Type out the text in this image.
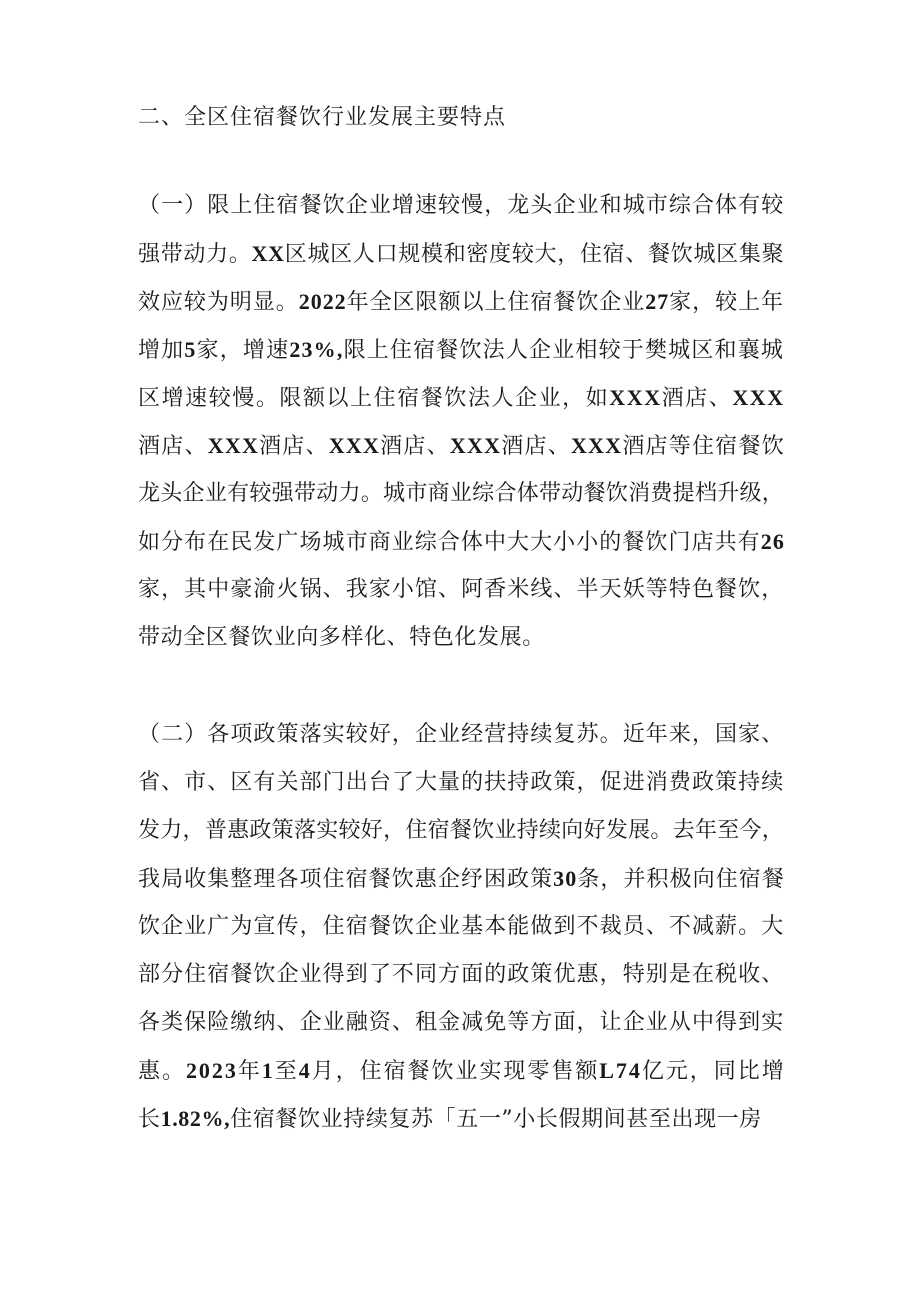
二、全区住宿餐饮行业发展主要特点
（一）限上住宿餐饮企业增速较慢，龙头企业和城市综合体有较
强带动力。XX区城区人口规模和密度较大，住宿、餐饮城区集聚
效应较为明显。2022年全区限额以上住宿餐饮企业27家，较上年
增加5家，增速23%,限上住宿餐饮法人企业相较于樊城区和襄城
区增速较慢。限额以上住宿餐饮法人企业，如XXX酒店、XXX
酒店、XXX酒店、XXX酒店、XXX酒店、XXX酒店等住宿餐饮
龙头企业有较强带动力。城市商业综合体带动餐饮消费提档升级，
如分布在民发广场城市商业综合体中大大小小的餐饮门店共有26
家，其中豪渝火锅、我家小馆、阿香米线、半天妖等特色餐饮，
带动全区餐饮业向多样化、特色化发展。
（二）各项政策落实较好，企业经营持续复苏。近年来，国家、
省、市、区有关部门出台了大量的扶持政策，促进消费政策持续
发力，普惠政策落实较好，住宿餐饮业持续向好发展。去年至今，
我局收集整理各项住宿餐饮惠企纾困政策30条，并积极向住宿餐
饮企业广为宣传，住宿餐饮企业基本能做到不裁员、不减薪。大
部分住宿餐饮企业得到了不同方面的政策优惠，特别是在税收、
各类保险缴纳、企业融资、租金减免等方面，让企业从中得到实
惠。2023年1至4月，住宿餐饮业实现零售额L74亿元，同比增
长1.82%,住宿餐饮业持续复苏「五一”小长假期间甚至出现一房
